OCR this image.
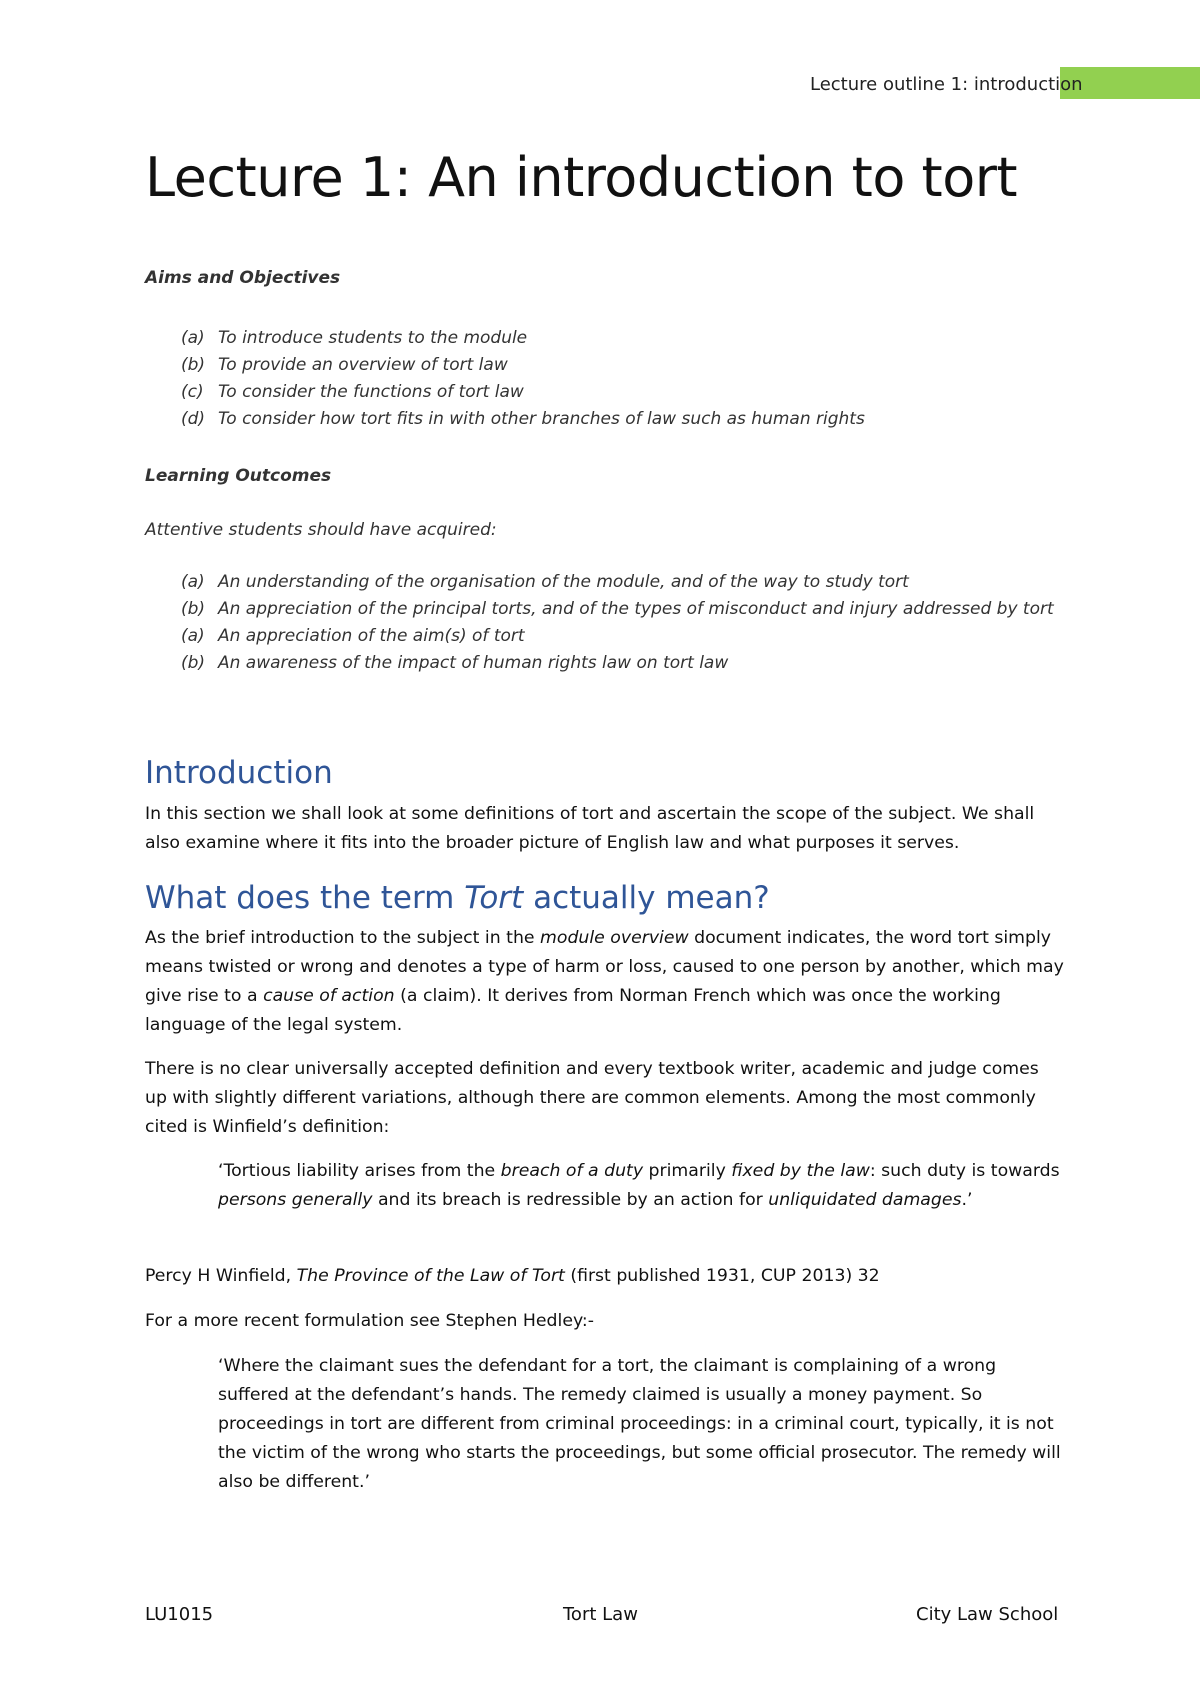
Lecture outline 1: introduction
Lecture 1: An introduction to tort

Aims and Objectives

(a) To introduce students to the module
(b) To provide an overview of tort law
(c) To consider the functions of tort law
(d) To consider how tort fits in with other branches of law such as human rights

Learning Outcomes

Attentive students should have acquired:

(a) An understanding of the organisation of the module, and of the way to study tort
(b) An appreciation of the principal torts, and of the types of misconduct and injury addressed by tort
(a) An appreciation of the aim(s) of tort
(b) An awareness of the impact of human rights law on tort law
Introduction

In this section we shall look at some definitions of tort and ascertain the scope of the subject. We shall also examine where it fits into the broader picture of English law and what purposes it serves.

What does the term Tort actually mean?

As the brief introduction to the subject in the module overview document indicates, the word tort simply means twisted or wrong and denotes a type of harm or loss, caused to one person by another, which may give rise to a cause of action (a claim). It derives from Norman French which was once the working language of the legal system.

There is no clear universally accepted definition and every textbook writer, academic and judge comes up with slightly different variations, although there are common elements. Among the most commonly cited is Winfield’s definition:

‘Tortious liability arises from the breach of a duty primarily fixed by the law: such duty is towards persons generally and its breach is redressible by an action for unliquidated damages.’

Percy H Winfield, The Province of the Law of Tort (first published 1931, CUP 2013) 32

For a more recent formulation see Stephen Hedley:-

‘Where the claimant sues the defendant for a tort, the claimant is complaining of a wrong suffered at the defendant’s hands. The remedy claimed is usually a money payment. So proceedings in tort are different from criminal proceedings: in a criminal court, typically, it is not the victim of the wrong who starts the proceedings, but some official prosecutor. The remedy will also be different.’

LU1015	Tort Law	City Law School
